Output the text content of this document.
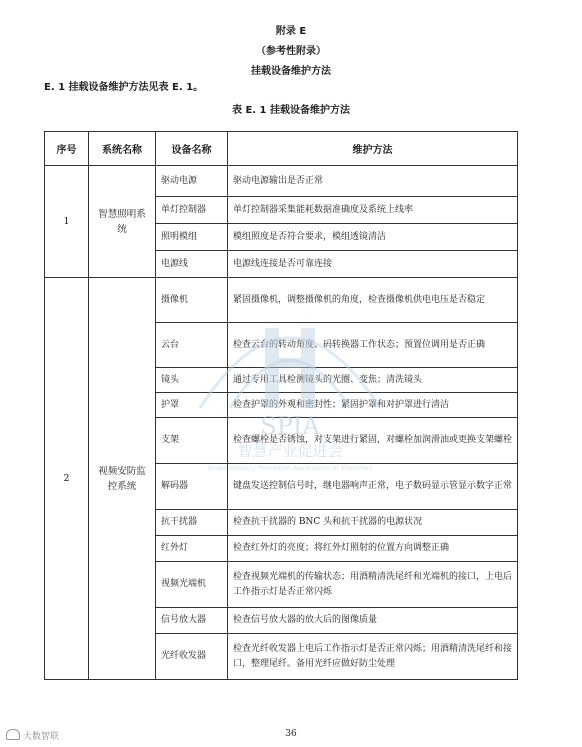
附录 E
（参考性附录）
挂载设备维护方法
E. 1 挂载设备维护方法见表 E. 1。
表 E. 1 挂载设备维护方法
序号	系统名称	设备名称	维护方法
1	智慧照明系统	驱动电源	驱动电源输出是否正常
		单灯控制器	单灯控制器采集能耗数据准确度及系统上线率
		照明模组	模组照度是否符合要求，模组透镜清洁
		电源线	电源线连接是否可靠连接
2	视频安防监控系统	摄像机	紧固摄像机，调整摄像机的角度，检查摄像机供电电压是否稳定
		云台	检查云台的转动角度、码转换器工作状态；预置位调用是否正确
		镜头	通过专用工具检测镜头的光圈、变焦；清洗镜头
		护罩	检查护罩的外观和密封性；紧固护罩和对护罩进行清洁
		支架	检查螺栓是否锈蚀，对支架进行紧固，对螺栓加润滑油或更换支架螺栓
		解码器	键盘发送控制信号时，继电器响声正常，电子数码显示管显示数字正常
		抗干扰器	检查抗干扰器的 BNC 头和抗干扰器的电源状况
		红外灯	检查红外灯的亮度；将红外灯照射的位置方向调整正确
		视频光端机	检查视频光端机的传输状态；用酒精清洗尾纤和光端机的接口，上电后工作指示灯是否正常闪烁
		信号放大器	检查信号放大器的放大后的图像质量
		光纤收发器	检查光纤收发器上电后工作指示灯是否正常闪烁；用酒精清洗尾纤和接口，整理尾纤。备用光纤应做好防尘处理
SPIA
智慧产业促进会
Smart Industry Promotion Association of Shenzhen
大数智联	36
